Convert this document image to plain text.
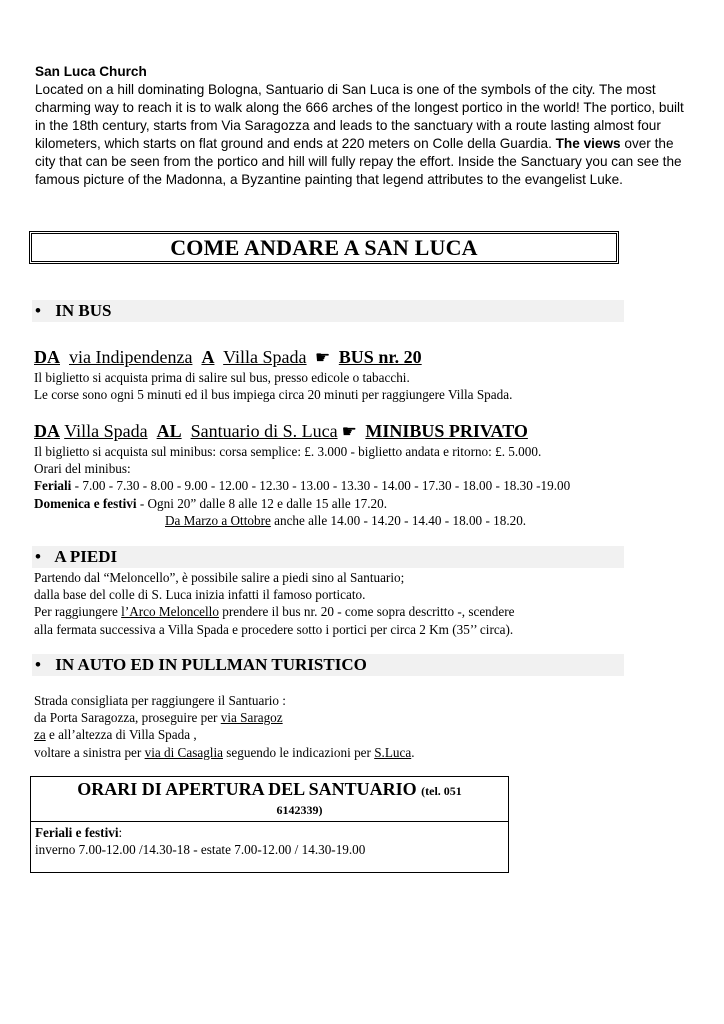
San Luca Church
Located on a hill dominating Bologna, Santuario di San Luca is one of the symbols of the city. The most charming way to reach it is to walk along the 666 arches of the longest portico in the world! The portico, built in the 18th century, starts from Via Saragozza and leads to the sanctuary with a route lasting almost four kilometers, which starts on flat ground and ends at 220 meters on Colle della Guardia. The views over the city that can be seen from the portico and hill will fully repay the effort. Inside the Sanctuary you can see the famous picture of the Madonna, a Byzantine painting that legend attributes to the evangelist Luke.
COME ANDARE A SAN LUCA
• IN BUS
DA via Indipendenza A Villa Spada ☛ BUS nr. 20
Il biglietto si acquista prima di salire sul bus, presso edicole o tabacchi.
Le corse sono ogni 5 minuti ed il bus impiega circa 20 minuti per raggiungere Villa Spada.
DA Villa Spada AL Santuario di S. Luca ☛ MINIBUS PRIVATO
Il biglietto si acquista sul minibus: corsa semplice: £. 3.000 - biglietto andata e ritorno: £. 5.000.
Orari del minibus:
Feriali - 7.00 - 7.30 - 8.00 - 9.00 - 12.00 - 12.30 - 13.00 - 13.30 - 14.00 - 17.30 - 18.00 - 18.30 -19.00
Domenica e festivi - Ogni 20” dalle 8 alle 12 e dalle 15 alle 17.20.
Da Marzo a Ottobre anche alle 14.00 - 14.20 - 14.40 - 18.00 - 18.20.
• A PIEDI
Partendo dal “Meloncello”, è possibile salire a piedi sino al Santuario;
dalla base del colle di S. Luca inizia infatti il famoso porticato.
Per raggiungere l’Arco Meloncello prendere il bus nr. 20 - come sopra descritto -, scendere
alla fermata successiva a Villa Spada e procedere sotto i portici per circa 2 Km (35’’ circa).
• IN AUTO ED IN PULLMAN TURISTICO
Strada consigliata per raggiungere il Santuario :
da Porta Saragozza, proseguire per via Saragoz
za e all’altezza di Villa Spada ,
voltare a sinistra per via di Casaglia seguendo le indicazioni per S.Luca.
ORARI DI APERTURA DEL SANTUARIO (tel. 051
6142339)
Feriali e festivi:
inverno 7.00-12.00 /14.30-18 - estate 7.00-12.00 / 14.30-19.00
